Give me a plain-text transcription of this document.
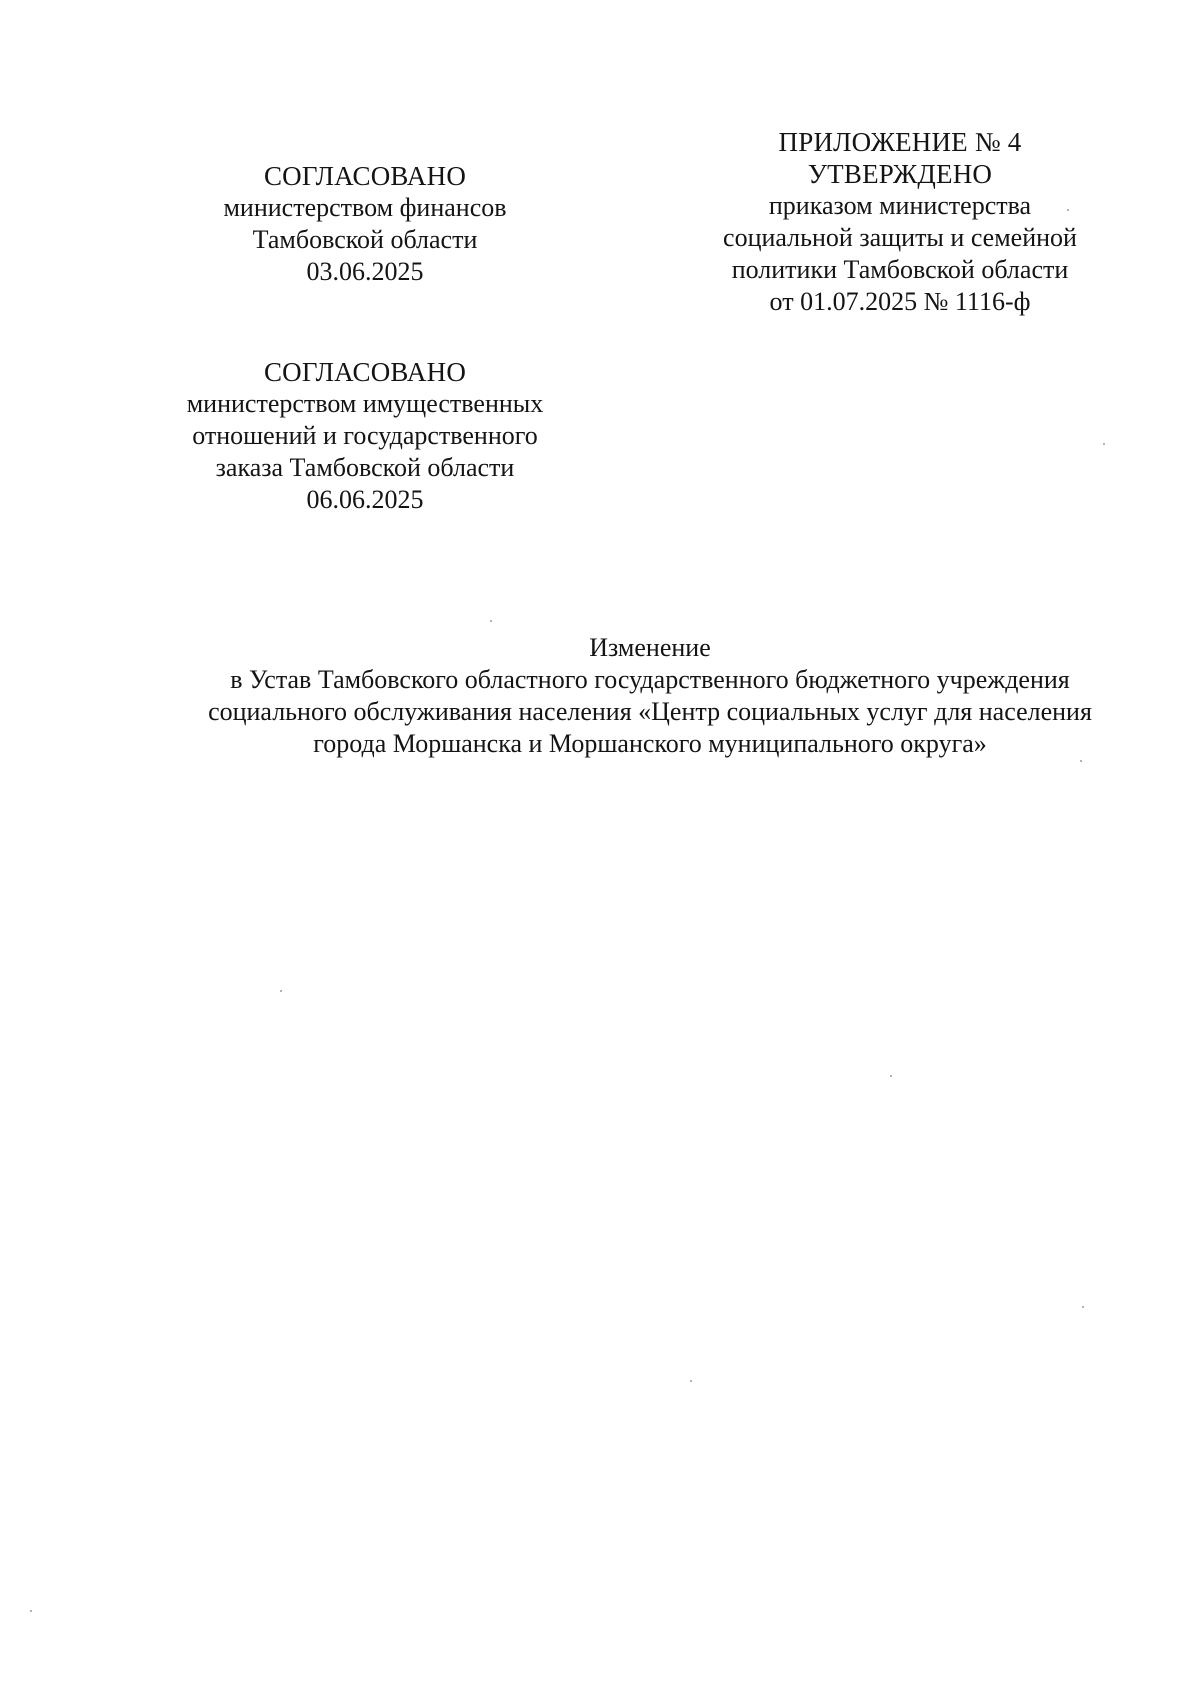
СОГЛАСОВАНО
министерством финансов
Тамбовской области
03.06.2025
ПРИЛОЖЕНИЕ № 4
УТВЕРЖДЕНО
приказом министерства
социальной защиты и семейной
политики Тамбовской области
от 01.07.2025 № 1116-ф
СОГЛАСОВАНО
министерством имущественных
отношений и государственного
заказа Тамбовской области
06.06.2025
Изменение
в Устав Тамбовского областного государственного бюджетного учреждения
социального обслуживания населения «Центр социальных услуг для населения
города Моршанска и Моршанского муниципального округа»
